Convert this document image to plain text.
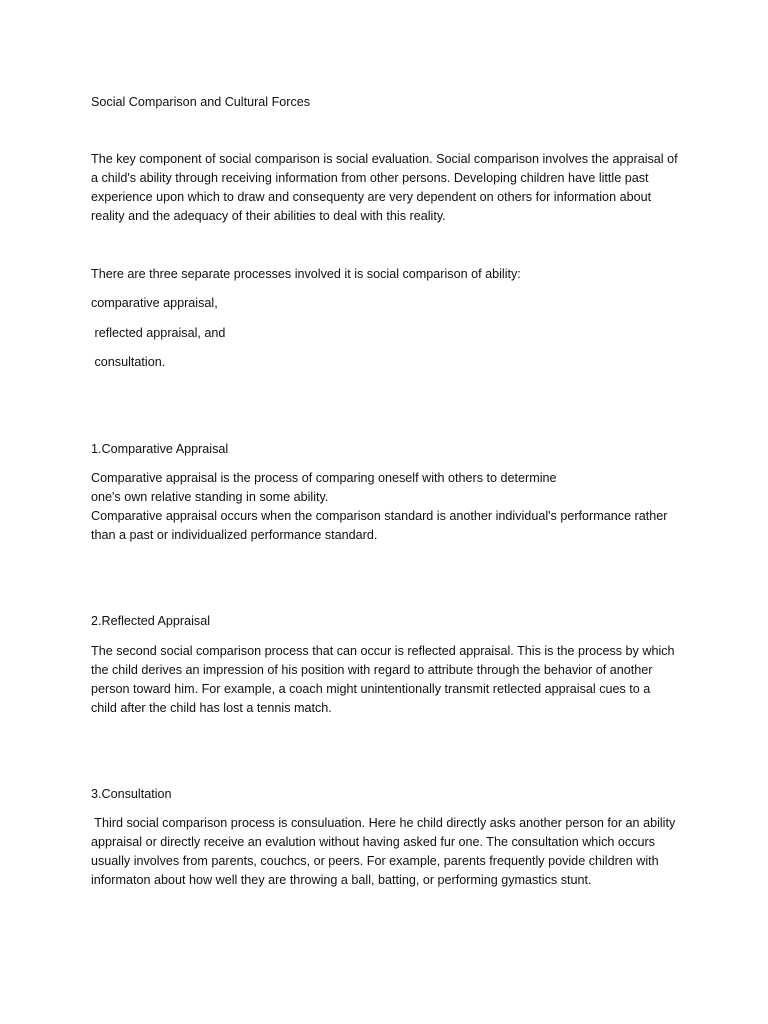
Social Comparison and Cultural Forces
The key component of social comparison is social evaluation. Social comparison involves the appraisal of
a child's ability through receiving information from other persons. Developing children have little past
experience upon which to draw and consequenty are very dependent on others for information about
reality and the adequacy of their abilities to deal with this reality.
There are three separate processes involved it is social comparison of ability:
comparative appraisal,
reflected appraisal, and
consultation.
1.Comparative Appraisal
Comparative appraisal is the process of comparing oneself with others to determine
one's own relative standing in some ability.
Comparative appraisal occurs when the comparison standard is another individual's performance rather
than a past or individualized performance standard.
2.Reflected Appraisal
The second social comparison process that can occur is reflected appraisal. This is the process by which
the child derives an impression of his position with regard to attribute through the behavior of another
person toward him. For example, a coach might unintentionally transmit retlected appraisal cues to a
child after the child has lost a tennis match.
3.Consultation
Third social comparison process is consuluation. Here he child directly asks another person for an ability
appraisal or directly receive an evalution without having asked fur one. The consultation which occurs
usually involves from parents, couchcs, or peers. For example, parents frequently povide children with
informaton about how well they are throwing a ball, batting, or performing gymastics stunt.
